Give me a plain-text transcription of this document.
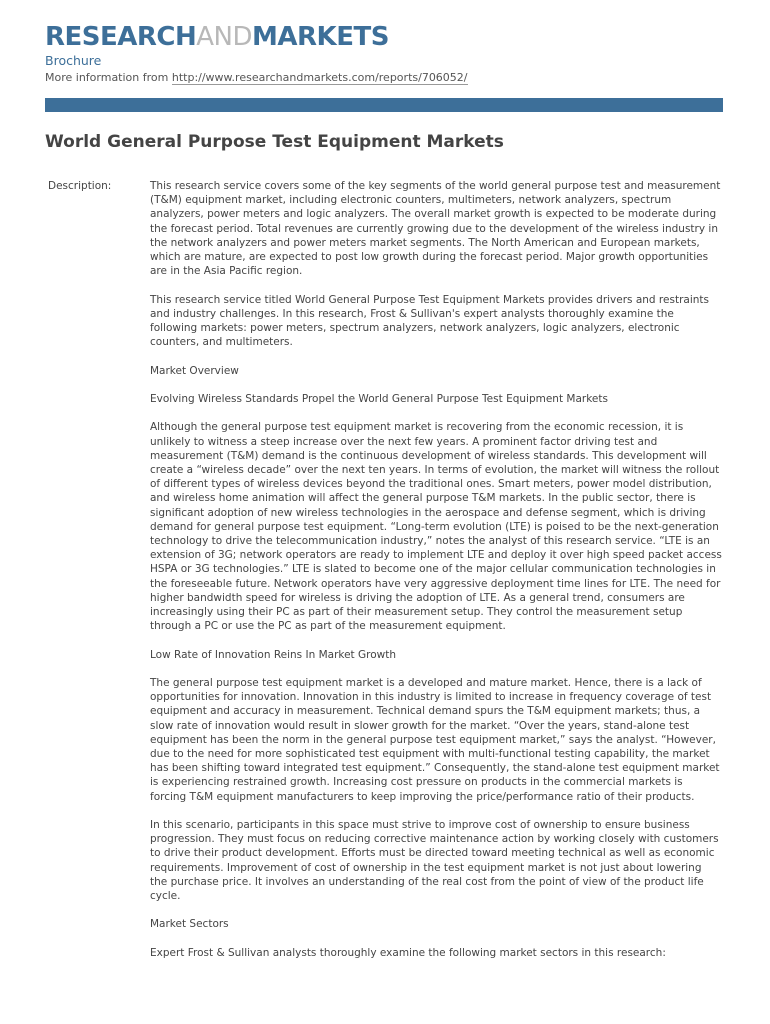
RESEARCHANDMARKETS
Brochure
More information from http://www.researchandmarkets.com/reports/706052/
World General Purpose Test Equipment Markets
Description:	This research service covers some of the key segments of the world general purpose test and measurement (T&M) equipment market, including electronic counters, multimeters, network analyzers, spectrum analyzers, power meters and logic analyzers. The overall market growth is expected to be moderate during the forecast period. Total revenues are currently growing due to the development of the wireless industry in the network analyzers and power meters market segments. The North American and European markets, which are mature, are expected to post low growth during the forecast period. Major growth opportunities are in the Asia Pacific region.

This research service titled World General Purpose Test Equipment Markets provides drivers and restraints and industry challenges. In this research, Frost & Sullivan's expert analysts thoroughly examine the following markets: power meters, spectrum analyzers, network analyzers, logic analyzers, electronic counters, and multimeters.

Market Overview

Evolving Wireless Standards Propel the World General Purpose Test Equipment Markets

Although the general purpose test equipment market is recovering from the economic recession, it is unlikely to witness a steep increase over the next few years. A prominent factor driving test and measurement (T&M) demand is the continuous development of wireless standards. This development will create a “wireless decade” over the next ten years. In terms of evolution, the market will witness the rollout of different types of wireless devices beyond the traditional ones. Smart meters, power model distribution, and wireless home animation will affect the general purpose T&M markets. In the public sector, there is significant adoption of new wireless technologies in the aerospace and defense segment, which is driving demand for general purpose test equipment. “Long-term evolution (LTE) is poised to be the next-generation technology to drive the telecommunication industry,” notes the analyst of this research service. “LTE is an extension of 3G; network operators are ready to implement LTE and deploy it over high speed packet access HSPA or 3G technologies.” LTE is slated to become one of the major cellular communication technologies in the foreseeable future. Network operators have very aggressive deployment time lines for LTE. The need for higher bandwidth speed for wireless is driving the adoption of LTE. As a general trend, consumers are increasingly using their PC as part of their measurement setup. They control the measurement setup through a PC or use the PC as part of the measurement equipment.

Low Rate of Innovation Reins In Market Growth

The general purpose test equipment market is a developed and mature market. Hence, there is a lack of opportunities for innovation. Innovation in this industry is limited to increase in frequency coverage of test equipment and accuracy in measurement. Technical demand spurs the T&M equipment markets; thus, a slow rate of innovation would result in slower growth for the market. “Over the years, stand-alone test equipment has been the norm in the general purpose test equipment market,” says the analyst. “However, due to the need for more sophisticated test equipment with multi-functional testing capability, the market has been shifting toward integrated test equipment.” Consequently, the stand-alone test equipment market is experiencing restrained growth. Increasing cost pressure on products in the commercial markets is forcing T&M equipment manufacturers to keep improving the price/performance ratio of their products.

In this scenario, participants in this space must strive to improve cost of ownership to ensure business progression. They must focus on reducing corrective maintenance action by working closely with customers to drive their product development. Efforts must be directed toward meeting technical as well as economic requirements. Improvement of cost of ownership in the test equipment market is not just about lowering the purchase price. It involves an understanding of the real cost from the point of view of the product life cycle.

Market Sectors

Expert Frost & Sullivan analysts thoroughly examine the following market sectors in this research:
